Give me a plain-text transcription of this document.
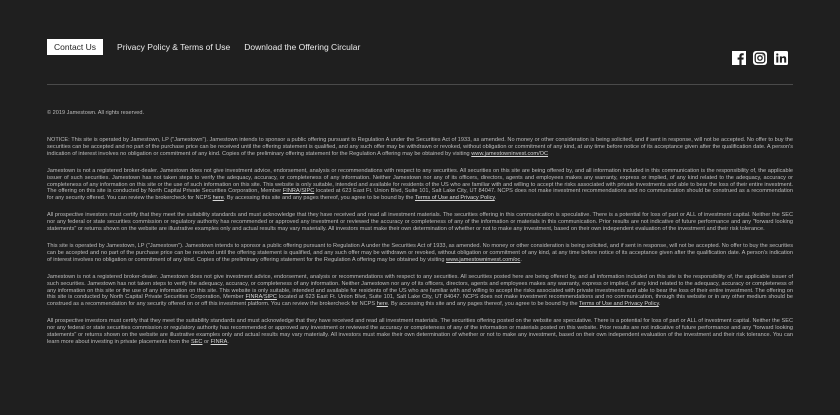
Contact Us	Privacy Policy & Terms of Use Download the Offering Circular
© 2019 Jamestown. All rights reserved.

NOTICE: This site is operated by Jamestown, LP ("Jamestown"). Jamestown intends to sponsor a public offering pursuant to Regulation A under the Securities Act of 1933, as amended. No money or other consideration is being solicited, and if sent in response, will not be accepted. No offer to buy the securities can be accepted and no part of the purchase price can be received until the offering statement is qualified, and any such offer may be withdrawn or revoked, without obligation or commitment of any kind, at any time before notice of its acceptance given after the qualification date. A person's indication of interest involves no obligation or commitment of any kind. Copies of the preliminary offering statement for the Regulation A offering may be obtained by visiting www.jamestowninvest.com/OC

Jamestown is not a registered broker-dealer. Jamestown does not give investment advice, endorsement, analysis or recommendations with respect to any securities. All securities on this site are being offered by, and all information included in this communication is the responsibility of, the applicable issuer of such securities. Jamestown has not taken steps to verify the adequacy, accuracy, or completeness of any information. Neither Jamestown nor any of its officers, directors, agents and employees makes any warranty, express or implied, of any kind related to the adequacy, accuracy or completeness of any information on this site or the use of such information on this site. This website is only suitable, intended and available for residents of the US who are familiar with and willing to accept the risks associated with private investments and able to bear the loss of their entire investment. The offering on this site is conducted by North Capital Private Securities Corporation, Member FINRA/SIPC located at 623 East Ft. Union Blvd, Suite 101, Salt Lake City, UT 84047. NCPS does not make investment recommendations and no communication should be construed as a recommendation for any security offered. You can review the brokercheck for NCPS here. By accessing this site and any pages thereof, you agree to be bound by the Terms of Use and Privacy Policy.

All prospective investors must certify that they meet the suitability standards and must acknowledge that they have received and read all investment materials. The securities offering in this communication is speculative. There is a potential for loss of part or ALL of investment capital. Neither the SEC nor any federal or state securities commission or regulatory authority has recommended or approved any investment or reviewed the accuracy or completeness of any of the information or materials in this communication. Prior results are not indicative of future performance and any "forward looking statements" or returns shown on the website are illustrative examples only and actual results may vary materially. All investors must make their own determination of whether or not to make any investment, based on their own independent evaluation of the investment and their risk tolerance.

This site is operated by Jamestown, LP ("Jamestown"). Jamestown intends to sponsor a public offering pursuant to Regulation A under the Securities Act of 1933, as amended. No money or other consideration is being solicited, and if sent in response, will not be accepted. No offer to buy the securities can be accepted and no part of the purchase price can be received until the offering statement is qualified, and any such offer may be withdrawn or revoked, without obligation or commitment of any kind, at any time before notice of its acceptance given after the qualification date. A person's indication of interest involves no obligation or commitment of any kind. Copies of the preliminary offering statement for the Regulation A offering may be obtained by visiting www.jamestowninvest.com/oc.

Jamestown is not a registered broker-dealer. Jamestown does not give investment advice, endorsement, analysis or recommendations with respect to any securities. All securities posted here are being offered by, and all information included on this site is the responsibility of, the applicable issuer of such securities. Jamestown has not taken steps to verify the adequacy, accuracy, or completeness of any information. Neither Jamestown nor any of its officers, directors, agents and employees makes any warranty, express or implied, of any kind related to the adequacy, accuracy or completeness of any information on this site or the use of any information on this site. This website is only suitable, intended and available for residents of the US who are familiar with and willing to accept the risks associated with private investments and able to bear the loss of their entire investment. The offering on this site is conducted by North Capital Private Securities Corporation, Member FINRA/SIPC located at 623 East Ft. Union Blvd, Suite 101, Salt Lake City, UT 84047. NCPS does not make investment recommendations and no communication, through this website or in any other medium should be construed as a recommendation for any security offered on or off this investment platform. You can review the brokercheck for NCPS here. By accessing this site and any pages thereof, you agree to be bound by the Terms of Use and Privacy Policy.

All prospective investors must certify that they meet the suitability standards and must acknowledge that they have received and read all investment materials. The securities offering posted on the website are speculative. There is a potential for loss of part or ALL of investment capital. Neither the SEC nor any federal or state securities commission or regulatory authority has recommended or approved any investment or reviewed the accuracy or completeness of any of the information or materials posted on this website. Prior results are not indicative of future performance and any "forward looking statements" or returns shown on the website are illustrative examples only and actual results may vary materially. All investors must make their own determination of whether or not to make any investment, based on their own independent evaluation of the investment and their risk tolerance. You can learn more about investing in private placements from the SEC or FINRA.
